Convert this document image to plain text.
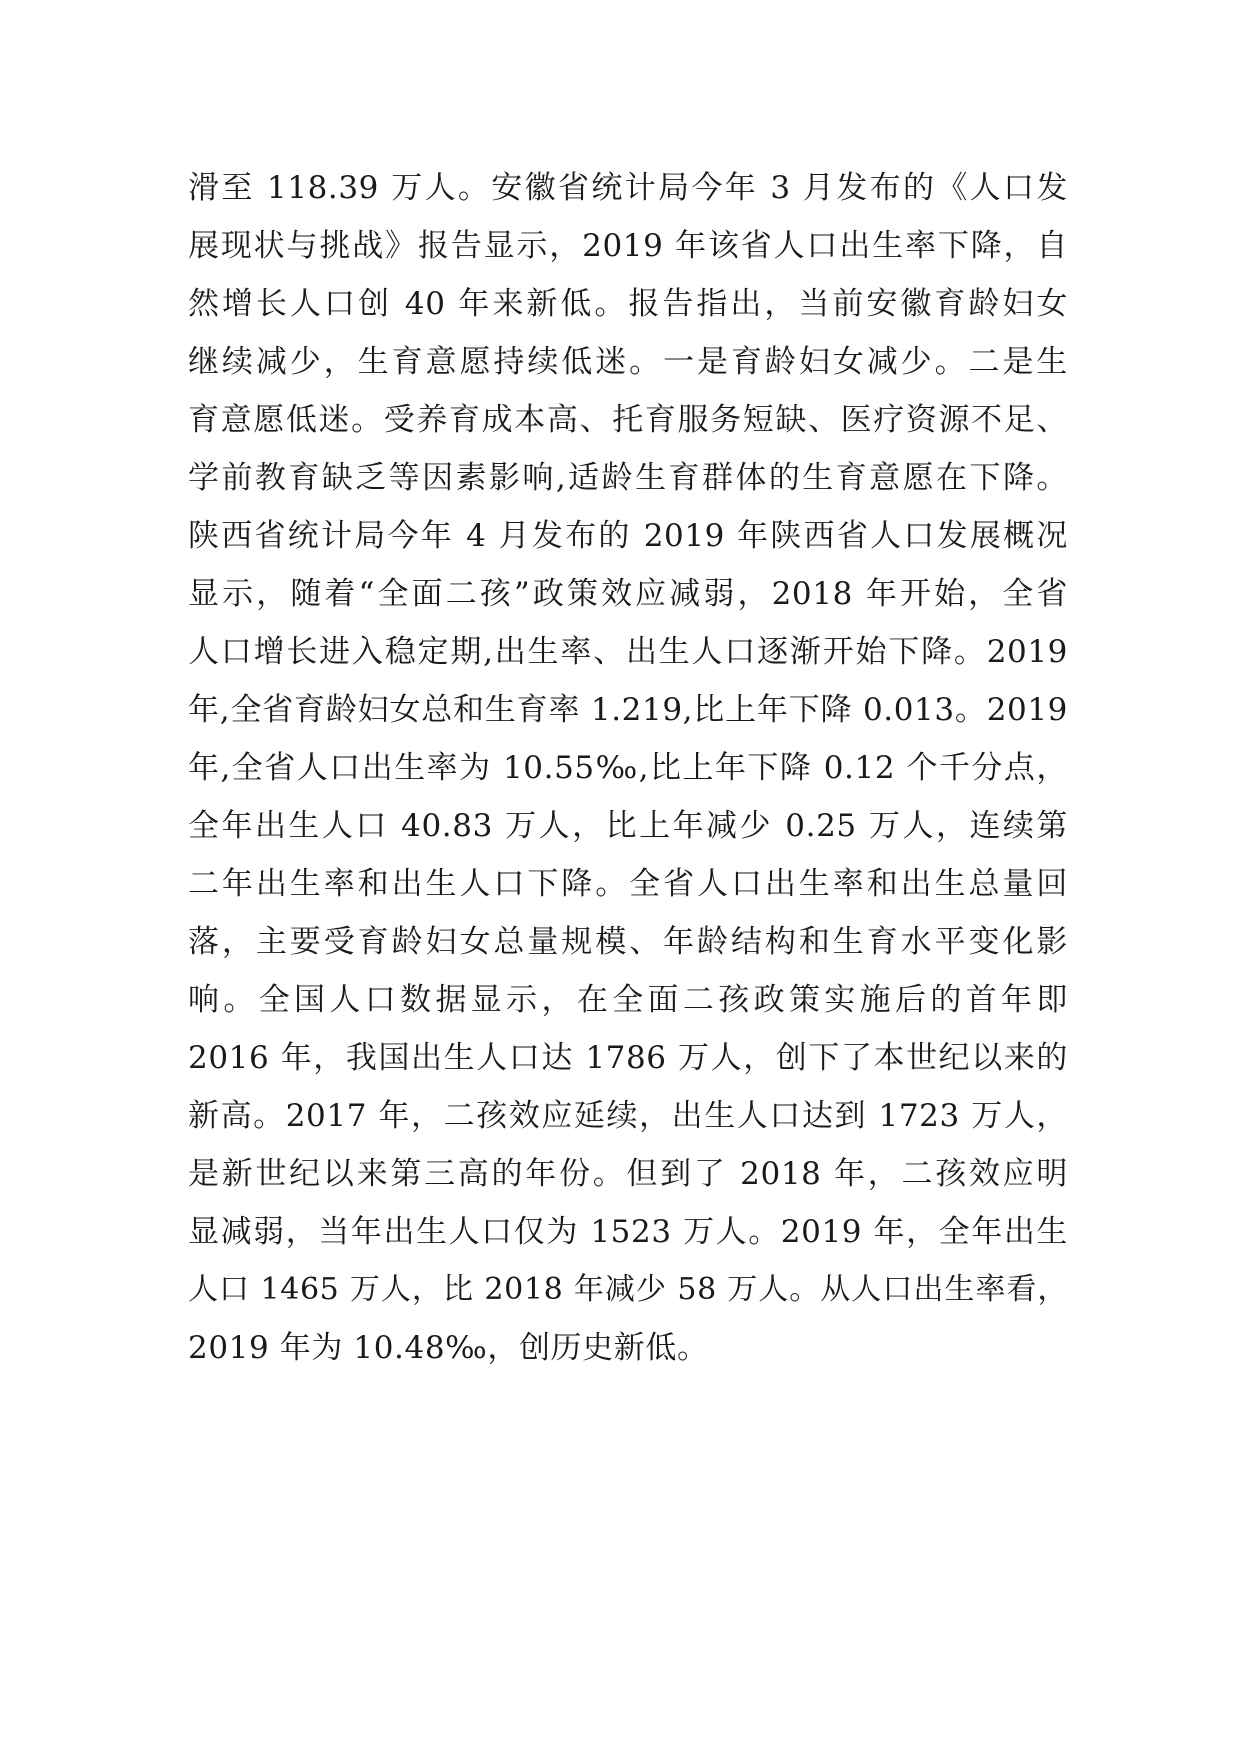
滑至 118.39 万人。安徽省统计局今年 3 月发布的《人口发
展现状与挑战》报告显示，2019 年该省人口出生率下降，自
然增长人口创 40 年来新低。报告指出，当前安徽育龄妇女
继续减少，生育意愿持续低迷。一是育龄妇女减少。二是生
育意愿低迷。受养育成本高、托育服务短缺、医疗资源不足、
学前教育缺乏等因素影响,适龄生育群体的生育意愿在下降。
陕西省统计局今年 4 月发布的 2019 年陕西省人口发展概况
显示，随着“全面二孩”政策效应减弱，2018 年开始，全省
人口增长进入稳定期,出生率、出生人口逐渐开始下降。2019
年,全省育龄妇女总和生育率 1.219,比上年下降 0.013。2019
年,全省人口出生率为 10.55‰,比上年下降 0.12 个千分点，
全年出生人口 40.83 万人，比上年减少 0.25 万人，连续第
二年出生率和出生人口下降。全省人口出生率和出生总量回
落，主要受育龄妇女总量规模、年龄结构和生育水平变化影
响。全国人口数据显示，在全面二孩政策实施后的首年即
2016 年，我国出生人口达 1786 万人，创下了本世纪以来的
新高。2017 年，二孩效应延续，出生人口达到 1723 万人，
是新世纪以来第三高的年份。但到了 2018 年，二孩效应明
显减弱，当年出生人口仅为 1523 万人。2019 年，全年出生
人口 1465 万人，比 2018 年减少 58 万人。从人口出生率看，
2019 年为 10.48‰，创历史新低。
